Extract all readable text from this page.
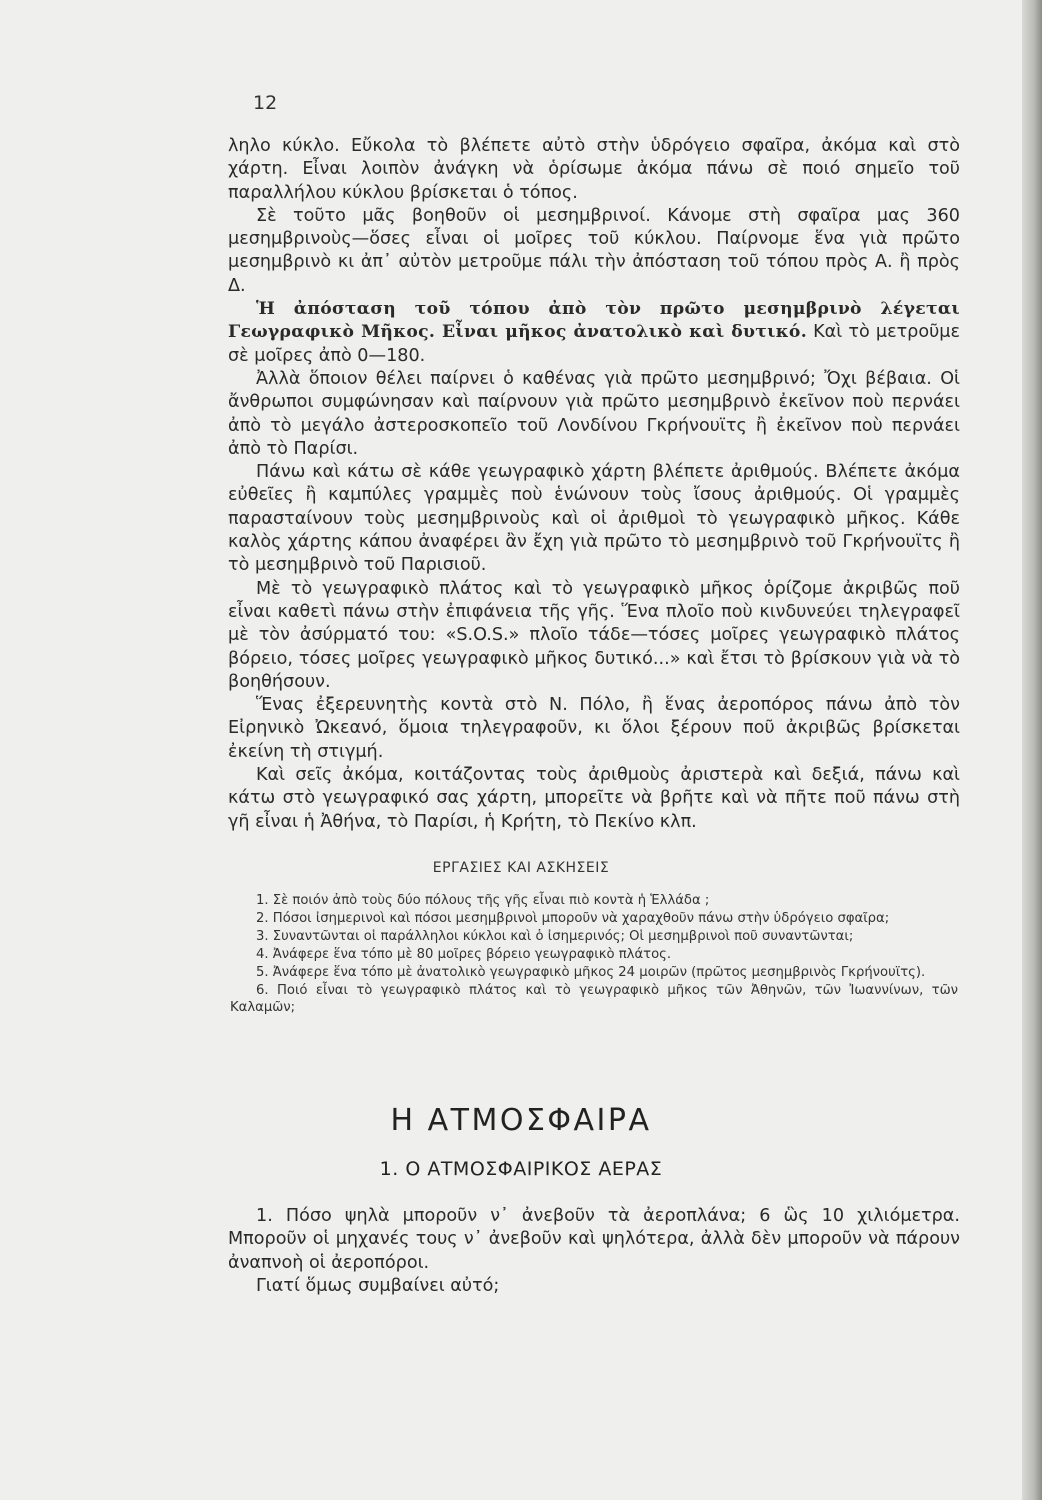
12

ληλο κύκλο. Εὔκολα τὸ βλέπετε αὐτὸ στὴν ὑδρόγειο σφαῖρα, ἀκόμα καὶ στὸ χάρτη. Εἶναι λοιπὸν ἀνάγκη νὰ ὁρίσωμε ἀκόμα πάνω σὲ ποιό σημεῖο τοῦ παραλλήλου κύκλου βρίσκεται ὁ τόπος.

Σὲ τοῦτο μᾶς βοηθοῦν οἱ μεσημβρινοί. Κάνομε στὴ σφαῖρα μας 360 μεσημβρινοὺς—ὅσες εἶναι οἱ μοῖρες τοῦ κύκλου. Παίρνομε ἕνα γιὰ πρῶτο μεσημβρινὸ κι ἀπ᾽ αὐτὸν μετροῦμε πάλι τὴν ἀπόσταση τοῦ τόπου πρὸς Α. ἢ πρὸς Δ.

Ἡ ἀπόσταση τοῦ τόπου ἀπὸ τὸν πρῶτο μεσημβρινὸ λέγεται Γεωγραφικὸ Μῆκος. Εἶναι μῆκος ἀνατολικὸ καὶ δυτικό. Καὶ τὸ μετροῦμε σὲ μοῖρες ἀπὸ 0—180.

Ἀλλὰ ὅποιον θέλει παίρνει ὁ καθένας γιὰ πρῶτο μεσημβρινό; Ὄχι βέβαια. Οἱ ἄνθρωποι συμφώνησαν καὶ παίρνουν γιὰ πρῶτο μεσημβρινὸ ἐκεῖνον ποὺ περνάει ἀπὸ τὸ μεγάλο ἀστεροσκοπεῖο τοῦ Λονδίνου Γκρήνουϊτς ἢ ἐκεῖνον ποὺ περνάει ἀπὸ τὸ Παρίσι.

Πάνω καὶ κάτω σὲ κάθε γεωγραφικὸ χάρτη βλέπετε ἀριθμούς. Βλέπετε ἀκόμα εὐθεῖες ἢ καμπύλες γραμμὲς ποὺ ἑνώνουν τοὺς ἴσους ἀριθμούς. Οἱ γραμμὲς παρασταίνουν τοὺς μεσημβρινοὺς καὶ οἱ ἀριθμοὶ τὸ γεωγραφικὸ μῆκος. Κάθε καλὸς χάρτης κάπου ἀναφέρει ἂν ἔχη γιὰ πρῶτο τὸ μεσημβρινὸ τοῦ Γκρήνουϊτς ἢ τὸ μεσημβρινὸ τοῦ Παρισιοῦ.

Μὲ τὸ γεωγραφικὸ πλάτος καὶ τὸ γεωγραφικὸ μῆκος ὁρίζομε ἀκριβῶς ποῦ εἶναι καθετὶ πάνω στὴν ἐπιφάνεια τῆς γῆς. Ἕνα πλοῖο ποὺ κινδυνεύει τηλεγραφεῖ μὲ τὸν ἀσύρματό του: «S.O.S.» πλοῖο τάδε—τόσες μοῖρες γεωγραφικὸ πλάτος βόρειο, τόσες μοῖρες γεωγραφικὸ μῆκος δυτικό...» καὶ ἔτσι τὸ βρίσκουν γιὰ νὰ τὸ βοηθήσουν.

Ἕνας ἐξερευνητὴς κοντὰ στὸ Ν. Πόλο, ἢ ἕνας ἀεροπόρος πάνω ἀπὸ τὸν Εἰρηνικὸ Ὠκεανό, ὅμοια τηλεγραφοῦν, κι ὅλοι ξέρουν ποῦ ἀκριβῶς βρίσκεται ἐκείνη τὴ στιγμή.

Καὶ σεῖς ἀκόμα, κοιτάζοντας τοὺς ἀριθμοὺς ἀριστερὰ καὶ δεξιά, πάνω καὶ κάτω στὸ γεωγραφικό σας χάρτη, μπορεῖτε νὰ βρῆτε καὶ νὰ πῆτε ποῦ πάνω στὴ γῆ εἶναι ἡ Ἀθήνα, τὸ Παρίσι, ἡ Κρήτη, τὸ Πεκίνο κλπ.

ΕΡΓΑΣΙΕΣ ΚΑΙ ΑΣΚΗΣΕΙΣ

1. Σὲ ποιόν ἀπὸ τοὺς δύο πόλους τῆς γῆς εἶναι πιὸ κοντὰ ἡ Ἑλλάδα ;

2. Πόσοι ἰσημερινοὶ καὶ πόσοι μεσημβρινοὶ μποροῦν νὰ χαραχθοῦν πάνω στὴν ὑδρόγειο σφαῖρα;

3. Συναντῶνται οἱ παράλληλοι κύκλοι καὶ ὁ ἰσημερινός; Οἱ μεσημβρινοὶ ποῦ συναντῶνται;

4. Ἀνάφερε ἕνα τόπο μὲ 80 μοῖρες βόρειο γεωγραφικὸ πλάτος.

5. Ἀνάφερε ἕνα τόπο μὲ ἀνατολικὸ γεωγραφικὸ μῆκος 24 μοιρῶν (πρῶτος μεσημβρινὸς Γκρήνουϊτς).

6. Ποιό εἶναι τὸ γεωγραφικὸ πλάτος καὶ τὸ γεωγραφικὸ μῆκος τῶν Ἀθηνῶν, τῶν Ἰωαννίνων, τῶν Καλαμῶν;

Η ΑΤΜΟΣΦΑΙΡΑ
1. Ο ΑΤΜΟΣΦΑΙΡΙΚΟΣ ΑΕΡΑΣ

1. Πόσο ψηλὰ μποροῦν ν᾽ ἀνεβοῦν τὰ ἀεροπλάνα; 6 ὣς 10 χιλιόμετρα. Μποροῦν οἱ μηχανές τους ν᾽ ἀνεβοῦν καὶ ψηλότερα, ἀλλὰ δὲν μποροῦν νὰ πάρουν ἀναπνοὴ οἱ ἀεροπόροι.

Γιατί ὅμως συμβαίνει αὐτό;
